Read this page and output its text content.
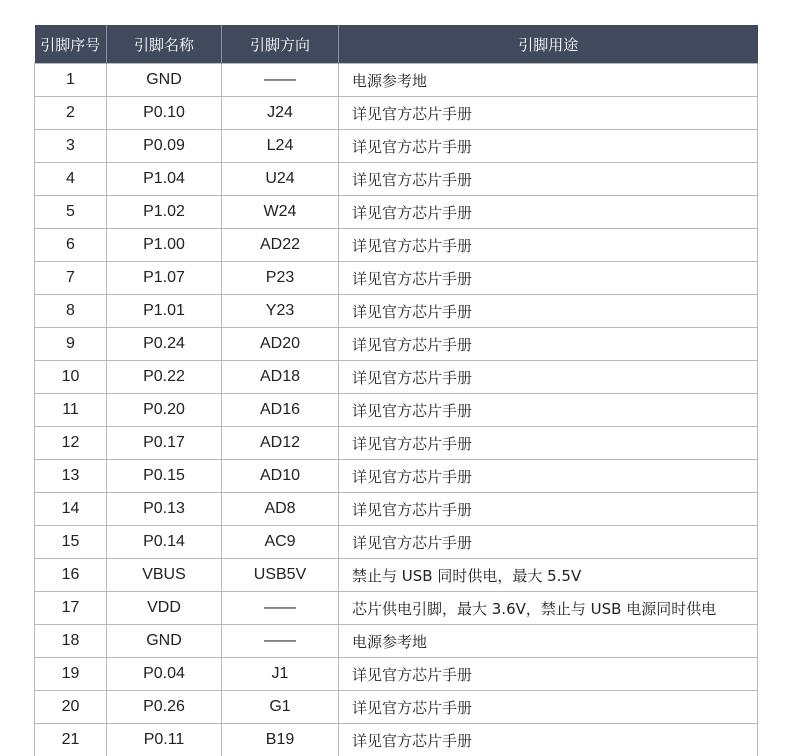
引脚序号	引脚名称	引脚方向	引脚用途
1	GND	——	电源参考地
2	P0.10	J24	详见官方芯片手册
3	P0.09	L24	详见官方芯片手册
4	P1.04	U24	详见官方芯片手册
5	P1.02	W24	详见官方芯片手册
6	P1.00	AD22	详见官方芯片手册
7	P1.07	P23	详见官方芯片手册
8	P1.01	Y23	详见官方芯片手册
9	P0.24	AD20	详见官方芯片手册
10	P0.22	AD18	详见官方芯片手册
11	P0.20	AD16	详见官方芯片手册
12	P0.17	AD12	详见官方芯片手册
13	P0.15	AD10	详见官方芯片手册
14	P0.13	AD8	详见官方芯片手册
15	P0.14	AC9	详见官方芯片手册
16	VBUS	USB5V	禁止与 USB 同时供电，最大 5.5V
17	VDD	——	芯片供电引脚，最大 3.6V，禁止与 USB 电源同时供电
18	GND	——	电源参考地
19	P0.04	J1	详见官方芯片手册
20	P0.26	G1	详见官方芯片手册
21	P0.11	B19	详见官方芯片手册
